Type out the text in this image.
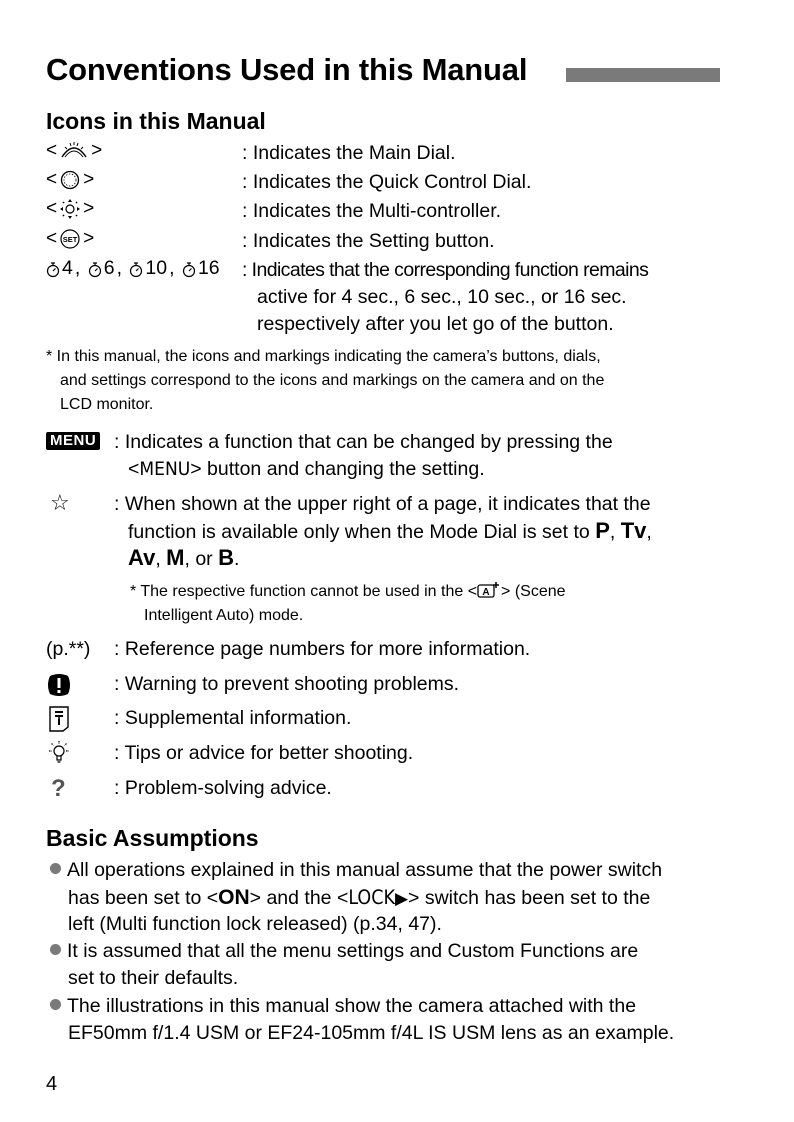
Conventions Used in this Manual
Icons in this Manual
< >	: Indicates the Main Dial.
< >	: Indicates the Quick Control Dial.
< >	: Indicates the Multi-controller.
< SET >	: Indicates the Setting button.
4 , 6 , 10 , 16 : Indicates that the corresponding function remains
active for 4 sec., 6 sec., 10 sec., or 16 sec.
respectively after you let go of the button.
* In this manual, the icons and markings indicating the camera’s buttons, dials,
and settings correspond to the icons and markings on the camera and on the
LCD monitor.
MENU : Indicates a function that can be changed by pressing the
<MENU> button and changing the setting.
☆ : When shown at the upper right of a page, it indicates that the
function is available only when the Mode Dial is set to P, Tv,
Av, M, or B.
* The respective function cannot be used in the < A > (Scene
Intelligent Auto) mode.
(p.**) : Reference page numbers for more information.
: Warning to prevent shooting problems.
: Supplemental information.
: Tips or advice for better shooting.
? : Problem-solving advice.
Basic Assumptions
All operations explained in this manual assume that the power switch
has been set to <ON> and the <LOCK▶> switch has been set to the
left (Multi function lock released) (p.34, 47).
It is assumed that all the menu settings and Custom Functions are
set to their defaults.
The illustrations in this manual show the camera attached with the
EF50mm f/1.4 USM or EF24-105mm f/4L IS USM lens as an example.
4
